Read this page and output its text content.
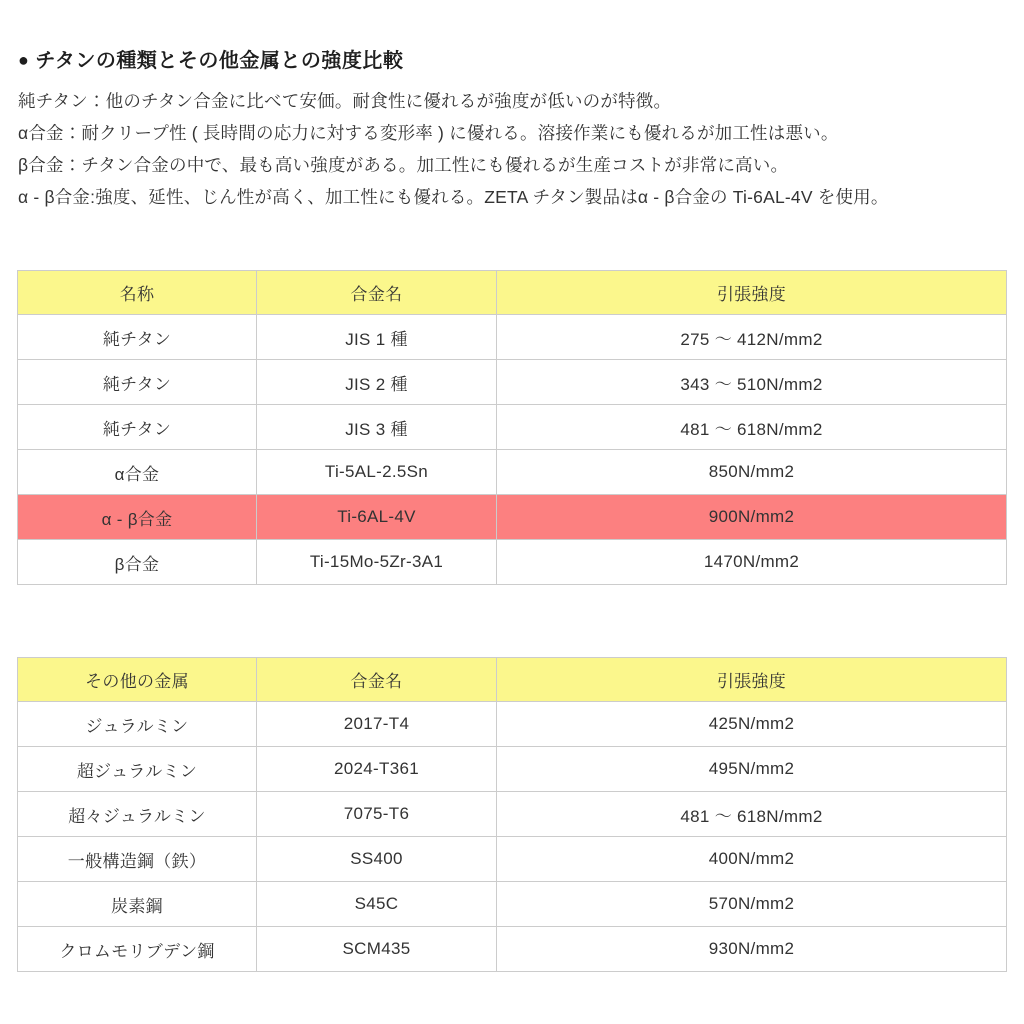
● チタンの種類とその他金属との強度比較

純チタン：他のチタン合金に比べて安価。耐食性に優れるが強度が低いのが特徴。

α合金：耐クリープ性 ( 長時間の応力に対する変形率 ) に優れる。溶接作業にも優れるが加工性は悪い。

β合金：チタン合金の中で、最も高い強度がある。加工性にも優れるが生産コストが非常に高い。

α - β合金:強度、延性、じん性が高く、加工性にも優れる。ZETA チタン製品はα - β合金の Ti-6AL-4V を使用。

名称	合金名	引張強度
純チタン	JIS 1 種	275 ～ 412N/mm2
純チタン	JIS 2 種	343 ～ 510N/mm2
純チタン	JIS 3 種	481 ～ 618N/mm2
α合金	Ti-5AL-2.5Sn	850N/mm2
α - β合金	Ti-6AL-4V	900N/mm2
β合金	Ti-15Mo-5Zr-3A1	1470N/mm2
その他の金属	合金名	引張強度
ジュラルミン	2017-T4	425N/mm2
超ジュラルミン	2024-T361	495N/mm2
超々ジュラルミン	7075-T6	481 ～ 618N/mm2
一般構造鋼（鉄）	SS400	400N/mm2
炭素鋼	S45C	570N/mm2
クロムモリブデン鋼	SCM435	930N/mm2
